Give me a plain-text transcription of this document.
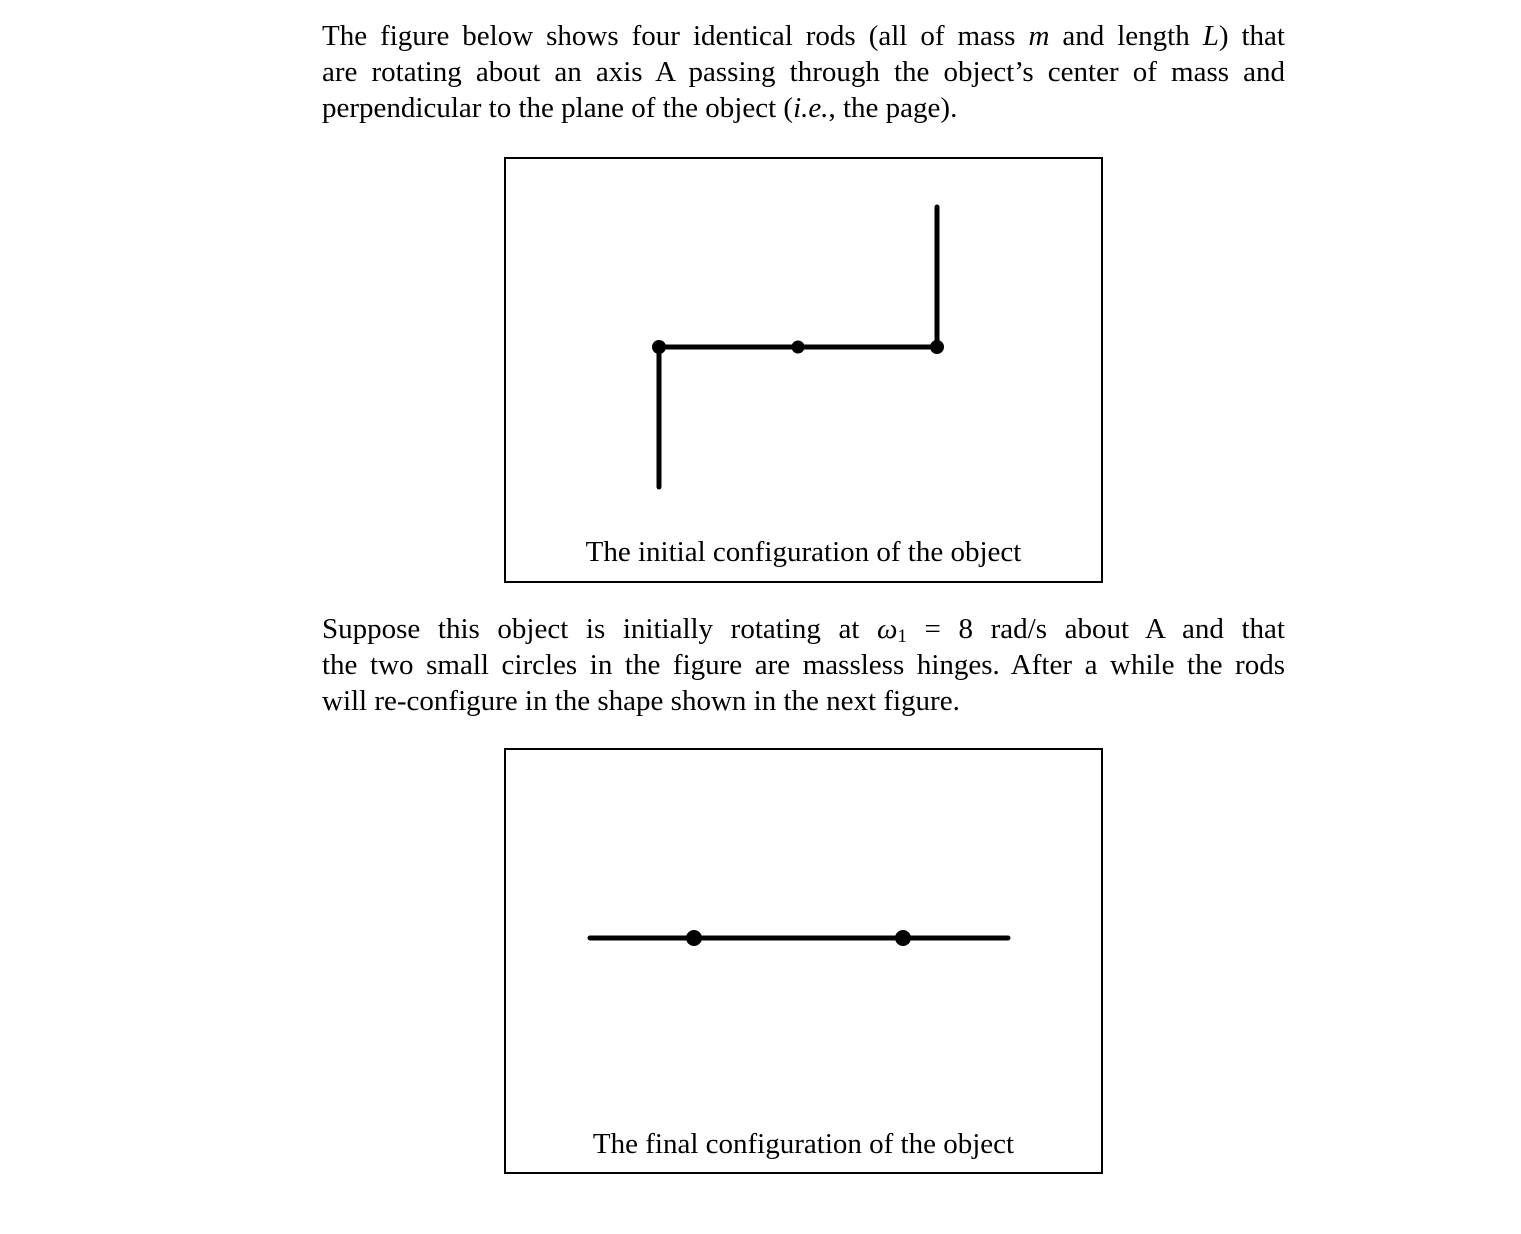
The figure below shows four identical rods (all of mass m and length L) that
are rotating about an axis A passing through the object’s center of mass and
perpendicular to the plane of the object (i.e., the page).
The initial configuration of the object
Suppose this object is initially rotating at $\omega_1 = 8$ rad/s about A and that
the two small circles in the figure are massless hinges. After a while the rods
will re-configure in the shape shown in the next figure.
The final configuration of the object
